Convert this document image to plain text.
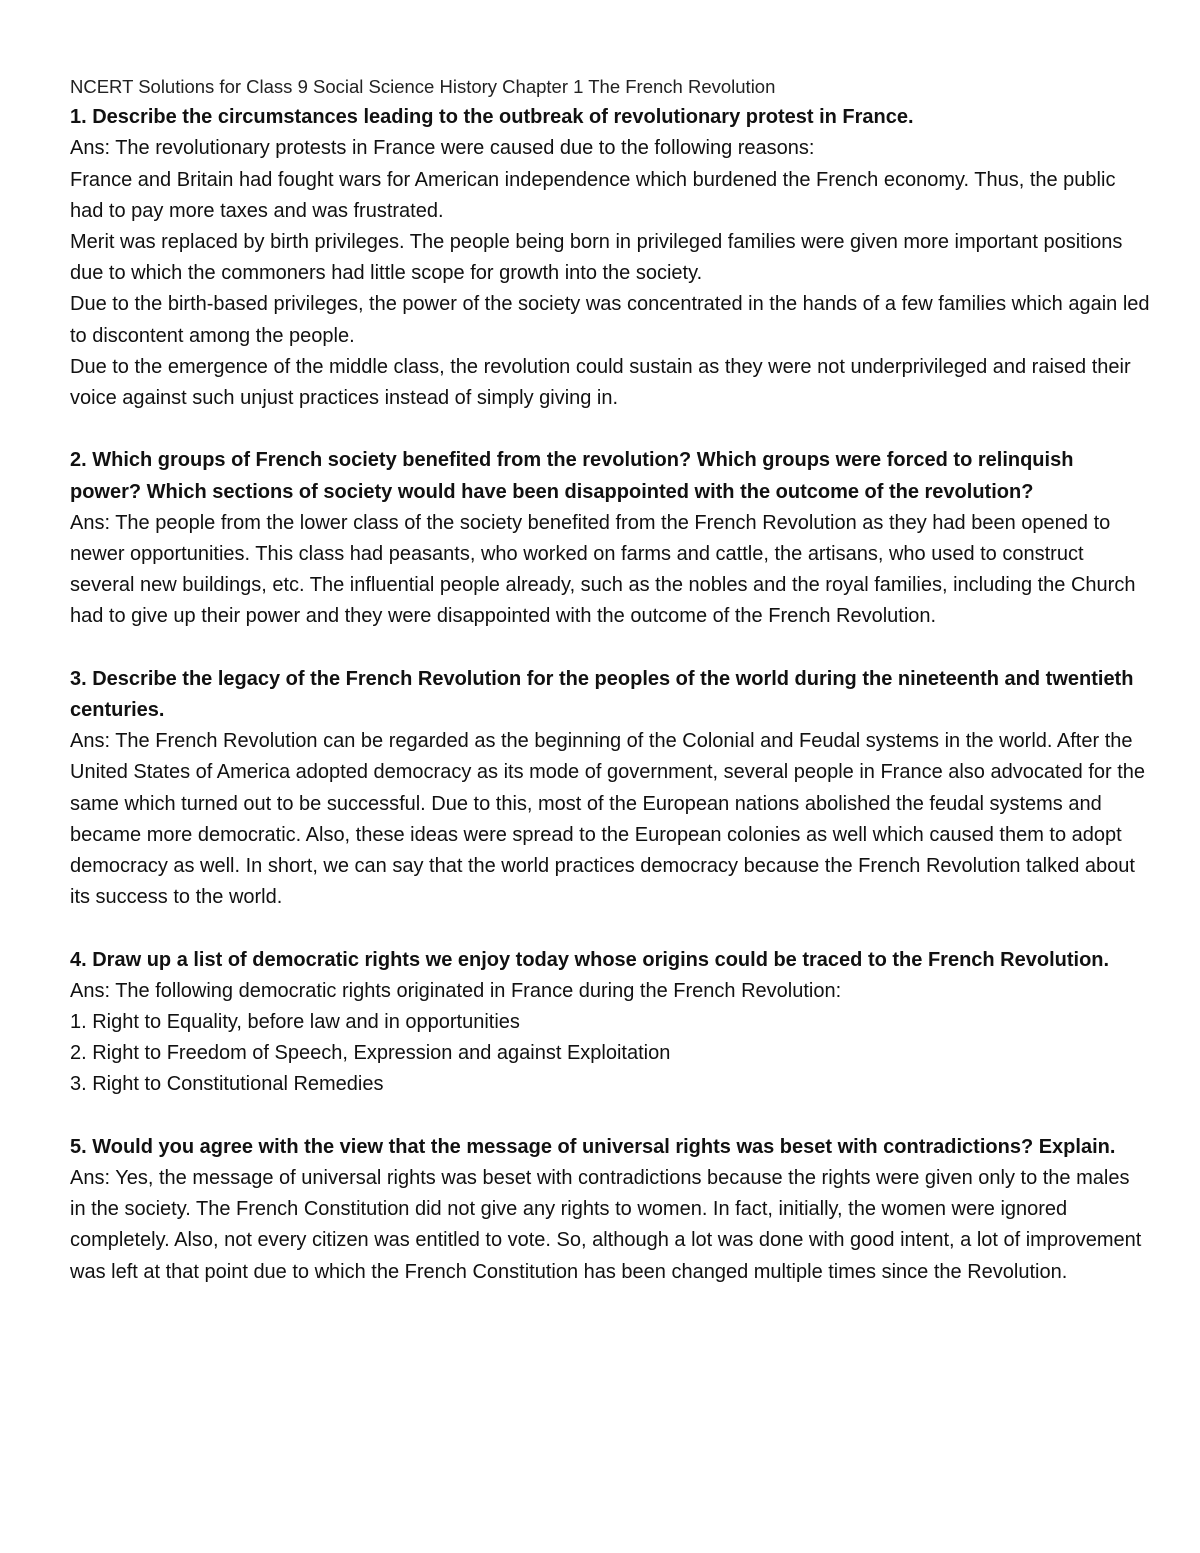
NCERT Solutions for Class 9 Social Science History Chapter 1 The French Revolution

1. Describe the circumstances leading to the outbreak of revolutionary protest in France.

Ans: The revolutionary protests in France were caused due to the following reasons:

France and Britain had fought wars for American independence which burdened the French economy. Thus, the public had to pay more taxes and was frustrated.

Merit was replaced by birth privileges. The people being born in privileged families were given more important positions due to which the commoners had little scope for growth into the society.

Due to the birth-based privileges, the power of the society was concentrated in the hands of a few families which again led to discontent among the people.

Due to the emergence of the middle class, the revolution could sustain as they were not underprivileged and raised their voice against such unjust practices instead of simply giving in.

2. Which groups of French society benefited from the revolution? Which groups were forced to relinquish power? Which sections of society would have been disappointed with the outcome of the revolution?

Ans: The people from the lower class of the society benefited from the French Revolution as they had been opened to newer opportunities. This class had peasants, who worked on farms and cattle, the artisans, who used to construct several new buildings, etc. The influential people already, such as the nobles and the royal families, including the Church had to give up their power and they were disappointed with the outcome of the French Revolution.

3. Describe the legacy of the French Revolution for the peoples of the world during the nineteenth and twentieth centuries.

Ans: The French Revolution can be regarded as the beginning of the Colonial and Feudal systems in the world. After the United States of America adopted democracy as its mode of government, several people in France also advocated for the same which turned out to be successful. Due to this, most of the European nations abolished the feudal systems and became more democratic. Also, these ideas were spread to the European colonies as well which caused them to adopt democracy as well. In short, we can say that the world practices democracy because the French Revolution talked about its success to the world.

4. Draw up a list of democratic rights we enjoy today whose origins could be traced to the French Revolution.

Ans: The following democratic rights originated in France during the French Revolution:

1. Right to Equality, before law and in opportunities

2. Right to Freedom of Speech, Expression and against Exploitation

3. Right to Constitutional Remedies

5. Would you agree with the view that the message of universal rights was beset with contradictions? Explain.

Ans: Yes, the message of universal rights was beset with contradictions because the rights were given only to the males in the society. The French Constitution did not give any rights to women. In fact, initially, the women were ignored completely. Also, not every citizen was entitled to vote. So, although a lot was done with good intent, a lot of improvement was left at that point due to which the French Constitution has been changed multiple times since the Revolution.
